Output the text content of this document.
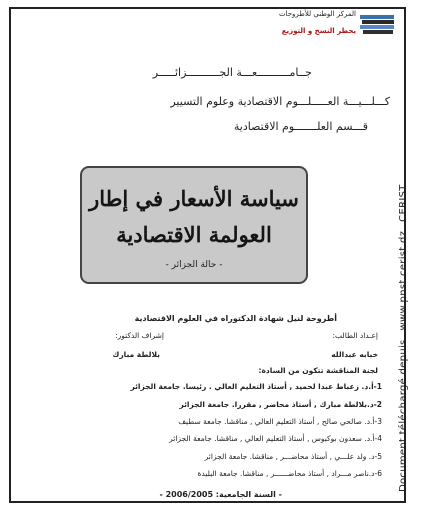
المركز الوطني للأطروحات
يحظر النسخ و التوزيع
جــامــــــــــعـــة الجــــــــــزائـــــر
كـــلـــيـــة العـــــلـــوم الاقتصادية وعلوم التسيير
قـــسم العلـــــــوم الاقتصادية
سياسة الأسعار في إطار
العولمة الاقتصادية
- حالة الجزائر -
أطروحة لنيل شهادة الدكتوراه في العلوم الاقتصادية
إعـداد الطالب:
إشراف الدكتور:
خبابه عبدالله
بلالطة مبارك
لجنة المناقشة تتكون من السادة:
1-أ.د. زعباط عبدا لحميد , أستاذ التعليم العالي . رئيسا. جامعة الجزائر
2-د.بلالطة مبارك , أستاذ محاضر , مقررا. جامعة الجزائر
3-أ.د. صالحي صالح , أستاذ التعليم العالي , مناقشا. جامعة سطيف
4-أ.د. سعدون بوكبوس , أستاذ التعليم العالي , مناقشا. جامعة الجزائر
5-د. ولد علـــي , أستاذ محاضـــر , مناقشا. جامعة الجزائر
6-د.ناصر مـــراد , أستاذ محاضــــــر , مناقشا. جامعة البليدة
- السنة الجامعية: 2006/2005 -
Document téléchargé depuiswww.pnst.cerist.dzCERIST
